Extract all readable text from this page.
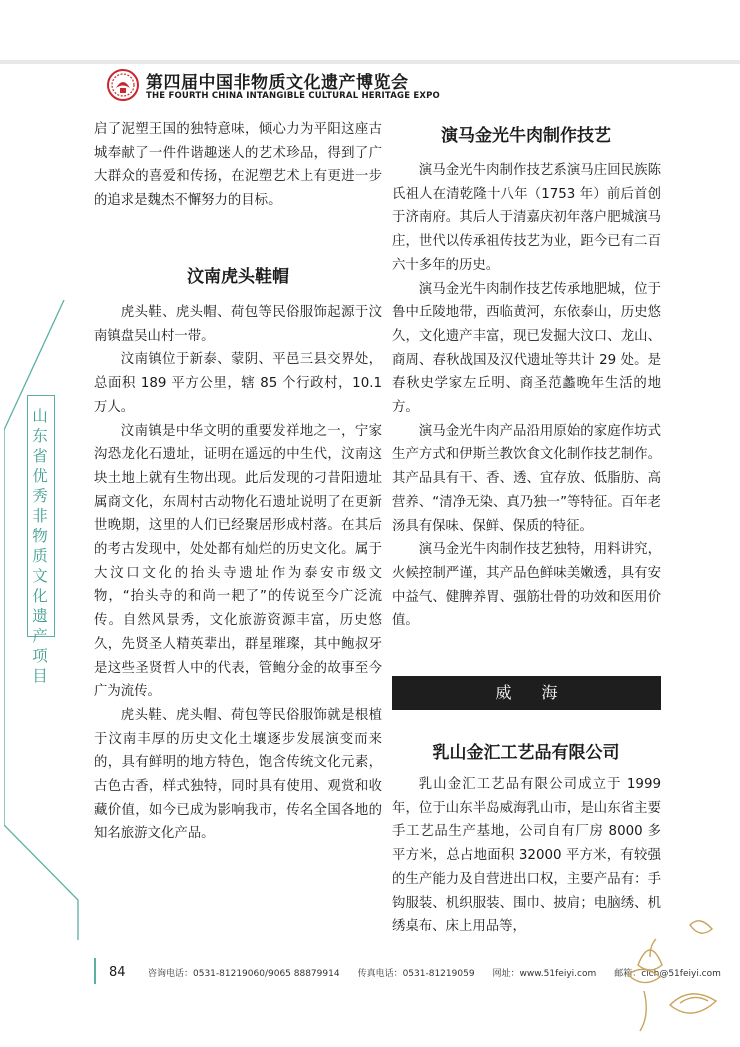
第四届中国非物质文化遗产博览会
THE FOURTH CHINA INTANGIBLE CULTURAL HERITAGE EXPO
山东省优秀非物质文化遗产项目

启了泥塑王国的独特意味，倾心力为平阳这座古城奉献了一件件谐趣迷人的艺术珍品，得到了广大群众的喜爱和传扬，在泥塑艺术上有更进一步的追求是魏杰不懈努力的目标。

汶南虎头鞋帽

虎头鞋、虎头帽、荷包等民俗服饰起源于汶南镇盘吴山村一带。

汶南镇位于新泰、蒙阴、平邑三县交界处，总面积 189 平方公里，辖 85 个行政村，10.1 万人。

汶南镇是中华文明的重要发祥地之一，宁家沟恐龙化石遗址，证明在遥远的中生代，汶南这块土地上就有生物出现。此后发现的刁昔阳遗址属商文化，东周村古动物化石遗址说明了在更新世晚期，这里的人们已经聚居形成村落。在其后的考古发现中，处处都有灿烂的历史文化。属于大汶口文化的抬头寺遗址作为泰安市级文物，“抬头寺的和尚一耙了”的传说至今广泛流传。自然风景秀，文化旅游资源丰富，历史悠久，先贤圣人精英辈出，群星璀璨，其中鲍叔牙是这些圣贤哲人中的代表，管鲍分金的故事至今广为流传。

虎头鞋、虎头帽、荷包等民俗服饰就是根植于汶南丰厚的历史文化土壤逐步发展演变而来的，具有鲜明的地方特色，饱含传统文化元素，古色古香，样式独特，同时具有使用、观赏和收藏价值，如今已成为影响我市，传名全国各地的知名旅游文化产品。

演马金光牛肉制作技艺

演马金光牛肉制作技艺系演马庄回民族陈氏祖人在清乾隆十八年（1753 年）前后首创于济南府。其后人于清嘉庆初年落户肥城演马庄，世代以传承祖传技艺为业，距今已有二百六十多年的历史。

演马金光牛肉制作技艺传承地肥城，位于鲁中丘陵地带，西临黄河，东依泰山，历史悠久，文化遗产丰富，现已发掘大汶口、龙山、商周、春秋战国及汉代遗址等共计 29 处。是春秋史学家左丘明、商圣范蠡晚年生活的地方。

演马金光牛肉产品沿用原始的家庭作坊式生产方式和伊斯兰教饮食文化制作技艺制作。其产品具有干、香、透、宜存放、低脂肪、高营养、“清净无染、真乃独一”等特征。百年老汤具有保味、保鲜、保质的特征。

演马金光牛肉制作技艺独特，用料讲究，火候控制严谨，其产品色鲜味美嫩透，具有安中益气、健脾养胃、强筋壮骨的功效和医用价值。

威海
乳山金汇工艺品有限公司

乳山金汇工艺品有限公司成立于 1999 年，位于山东半岛威海乳山市，是山东省主要手工艺品生产基地，公司自有厂房 8000 多平方米，总占地面积 32000 平方米，有较强的生产能力及自营进出口权，主要产品有：手钩服装、机织服装、围巾、披肩；电脑绣、机绣桌布、床上用品等，

84 咨询电话：0531-81219060/9065 88879914 传真电话：0531-81219059 网址：www.51feiyi.com 邮箱：cich@51feiyi.com
